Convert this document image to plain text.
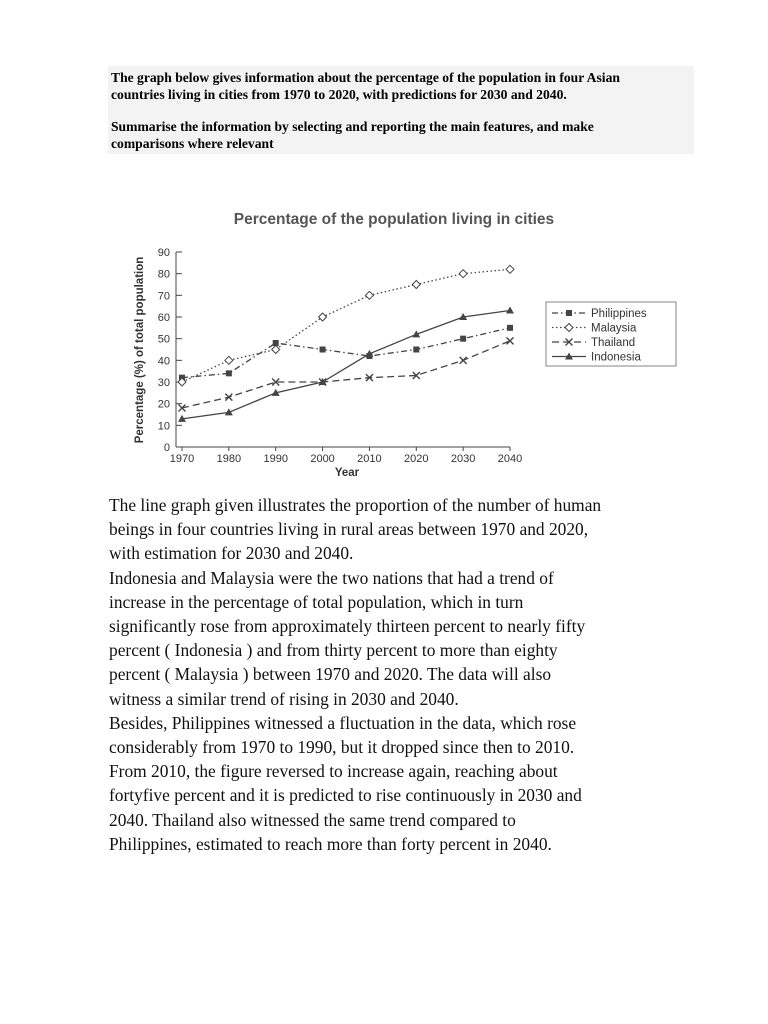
The graph below gives information about the percentage of the population in four Asian
countries living in cities from 1970 to 2020, with predictions for 2030 and 2040.

Summarise the information by selecting and reporting the main features, and make
comparisons where relevant

Percentage of the population living in cities
0
10
20
30
40
50
60
70
80
90
1970 1980 1990 2000 2010 2020 2030 2040
Year
Percentage (%) of total population	Philippines
Malaysia
Thailand
Indonesia
The line graph given illustrates the proportion of the number of human
beings in four countries living in rural areas between 1970 and 2020,
with estimation for 2030 and 2040.
Indonesia and Malaysia were the two nations that had a trend of
increase in the percentage of total population, which in turn
significantly rose from approximately thirteen percent to nearly fifty
percent ( Indonesia ) and from thirty percent to more than eighty
percent ( Malaysia ) between 1970 and 2020. The data will also
witness a similar trend of rising in 2030 and 2040.
Besides, Philippines witnessed a fluctuation in the data, which rose
considerably from 1970 to 1990, but it dropped since then to 2010.
From 2010, the figure reversed to increase again, reaching about
fortyfive percent and it is predicted to rise continuously in 2030 and
2040. Thailand also witnessed the same trend compared to
Philippines, estimated to reach more than forty percent in 2040.
